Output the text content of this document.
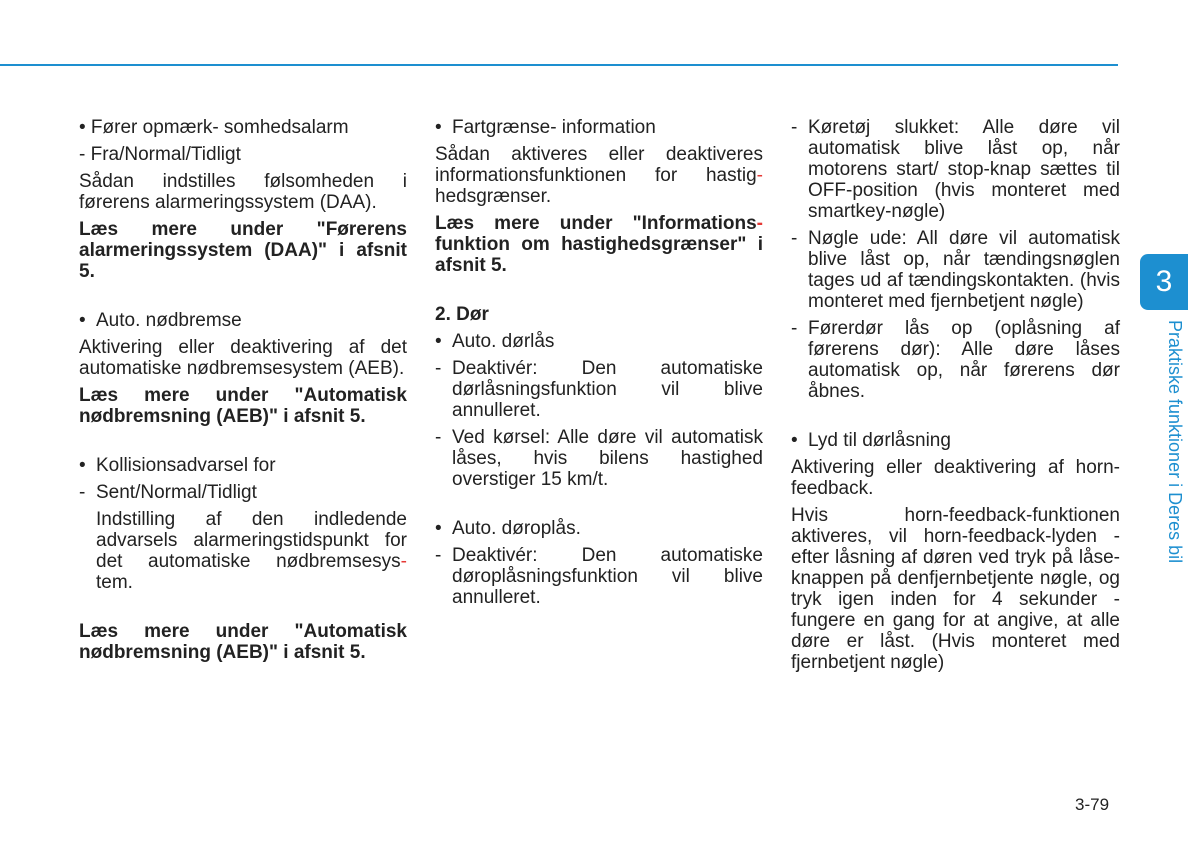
• Fører opmærk- somhedsalarm

- Fra/Normal/Tidligt

Sådan indstilles følsomheden i førerens alarmeringssystem (DAA).

Læs mere under "Førerens alarmeringssystem (DAA)" i afsnit 5.

• Auto. nødbremse

Aktivering eller deaktivering af det automatiske nødbremsesystem (AEB).

Læs mere under "Automatisk nødbremsning (AEB)" i afsnit 5.

• Kollisionsadvarsel for
- Sent/Normal/Tidligt

Indstilling af den indledende advarsels alarmeringstidspunkt for det automatiske nødbremsesys- tem.

Læs mere under "Automatisk nødbremsning (AEB)" i afsnit 5.

• Fartgrænse- information

Sådan aktiveres eller deaktiveres informationsfunktionen for hastig- hedsgrænser.

Læs mere under "Informations- funktion om hastighedsgrænser" i afsnit 5.

2. Dør

• Auto. dørlås
- Deaktivér: Den automatiske dørlåsningsfunktion vil blive annulleret.
- Ved kørsel: Alle døre vil automatisk låses, hvis bilens hastighed overstiger 15 km/t.
• Auto. døroplås.
- Deaktivér: Den automatiske døroplåsningsfunktion vil blive annulleret.
- Køretøj slukket: Alle døre vil automatisk blive låst op, når motorens start/ stop-knap sættes til OFF-position (hvis monteret med smartkey-nøgle)
- Nøgle ude: All døre vil automatisk blive låst op, når tændingsnøglen tages ud af tændingskontakten. (hvis monteret med fjernbetjent nøgle)
- Førerdør lås op (oplåsning af førerens dør): Alle døre låses automatisk op, når førerens dør åbnes.
• Lyd til dørlåsning

Aktivering eller deaktivering af horn-feedback.

Hvis horn-feedback-funktionen aktiveres, vil horn-feedback-lyden - efter låsning af døren ved tryk på låse-knappen på denfjernbetjente nøgle, og tryk igen inden for 4 sekunder - fungere en gang for at angive, at alle døre er låst. (Hvis monteret med fjernbetjent nøgle)

3
Praktiske funktioner i Deres bil
3-79
